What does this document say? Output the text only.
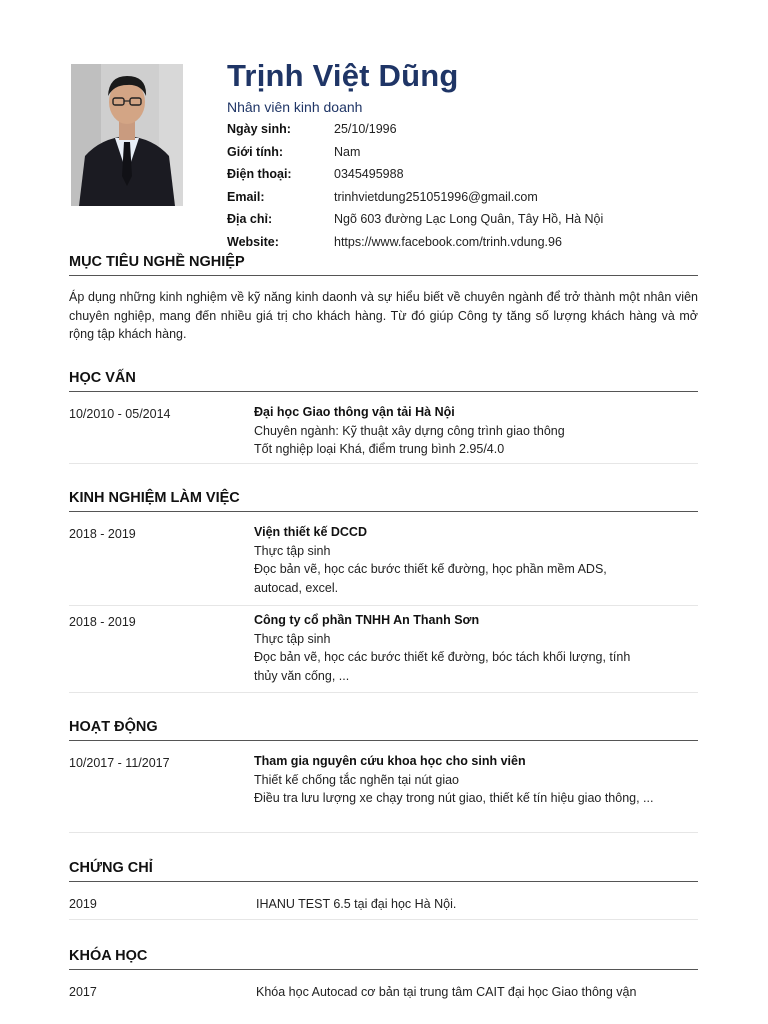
Trịnh Việt Dũng
Nhân viên kinh doanh
Ngày sinh:	25/10/1996
Giới tính:	Nam
Điện thoại:	0345495988
Email:	trinhvietdung251051996@gmail.com
Địa chỉ:	Ngõ 603 đường Lạc Long Quân, Tây Hồ, Hà Nội
Website:	https://www.facebook.com/trinh.vdung.96
MỤC TIÊU NGHỀ NGHIỆP

Áp dụng những kinh nghiệm về kỹ năng kinh daonh và sự hiểu biết về chuyên ngành để trở thành một nhân viên chuyên nghiệp, mang đến nhiều giá trị cho khách hàng. Từ đó giúp Công ty tăng số lượng khách hàng và mở rộng tập khách hàng.

HỌC VẤN
10/2010 - 05/2014	Đại học Giao thông vận tải Hà Nội
Chuyên ngành: Kỹ thuật xây dựng công trình giao thông
Tốt nghiệp loại Khá, điểm trung bình 2.95/4.0
KINH NGHIỆM LÀM VIỆC
2018 - 2019	Viện thiết kế DCCD
Thực tập sinh
Đọc bản vẽ, học các bước thiết kế đường, học phần mềm ADS, autocad, excel.
2018 - 2019	Công ty cổ phần TNHH An Thanh Sơn
Thực tập sinh
Đọc bản vẽ, học các bước thiết kế đường, bóc tách khối lượng, tính thủy văn cống, ...
HOẠT ĐỘNG
10/2017 - 11/2017	Tham gia nguyên cứu khoa học cho sinh viên
Thiết kế chống tắc nghẽn tại nút giao
Điều tra lưu lượng xe chạy trong nút giao, thiết kế tín hiệu giao thông, ...
CHỨNG CHỈ
2019	IHANU TEST 6.5 tại đại học Hà Nội.
KHÓA HỌC
2017	Khóa học Autocad cơ bản tại trung tâm CAIT đại học Giao thông vận
